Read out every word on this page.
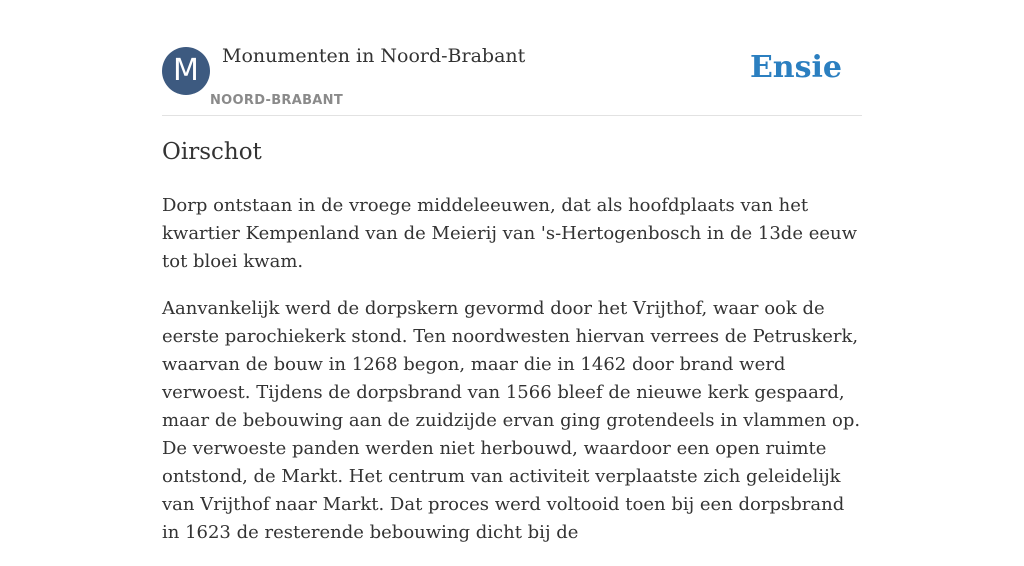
M	Monumenten in Noord-Brabant
NOORD-BRABANT
Ensie
Oirschot

Dorp ontstaan in de vroege middeleeuwen, dat als hoofdplaats van het kwartier Kempenland van de Meierij van 's-Hertogenbosch in de 13de eeuw tot bloei kwam.

Aanvankelijk werd de dorpskern gevormd door het Vrijthof, waar ook de eerste parochiekerk stond. Ten noordwesten hiervan verrees de Petruskerk, waarvan de bouw in 1268 begon, maar die in 1462 door brand werd verwoest. Tijdens de dorpsbrand van 1566 bleef de nieuwe kerk gespaard, maar de bebouwing aan de zuidzijde ervan ging grotendeels in vlammen op. De verwoeste panden werden niet herbouwd, waardoor een open ruimte ontstond, de Markt. Het centrum van activiteit verplaatste zich geleidelijk van Vrijthof naar Markt. Dat proces werd voltooid toen bij een dorpsbrand in 1623 de resterende bebouwing dicht bij de
